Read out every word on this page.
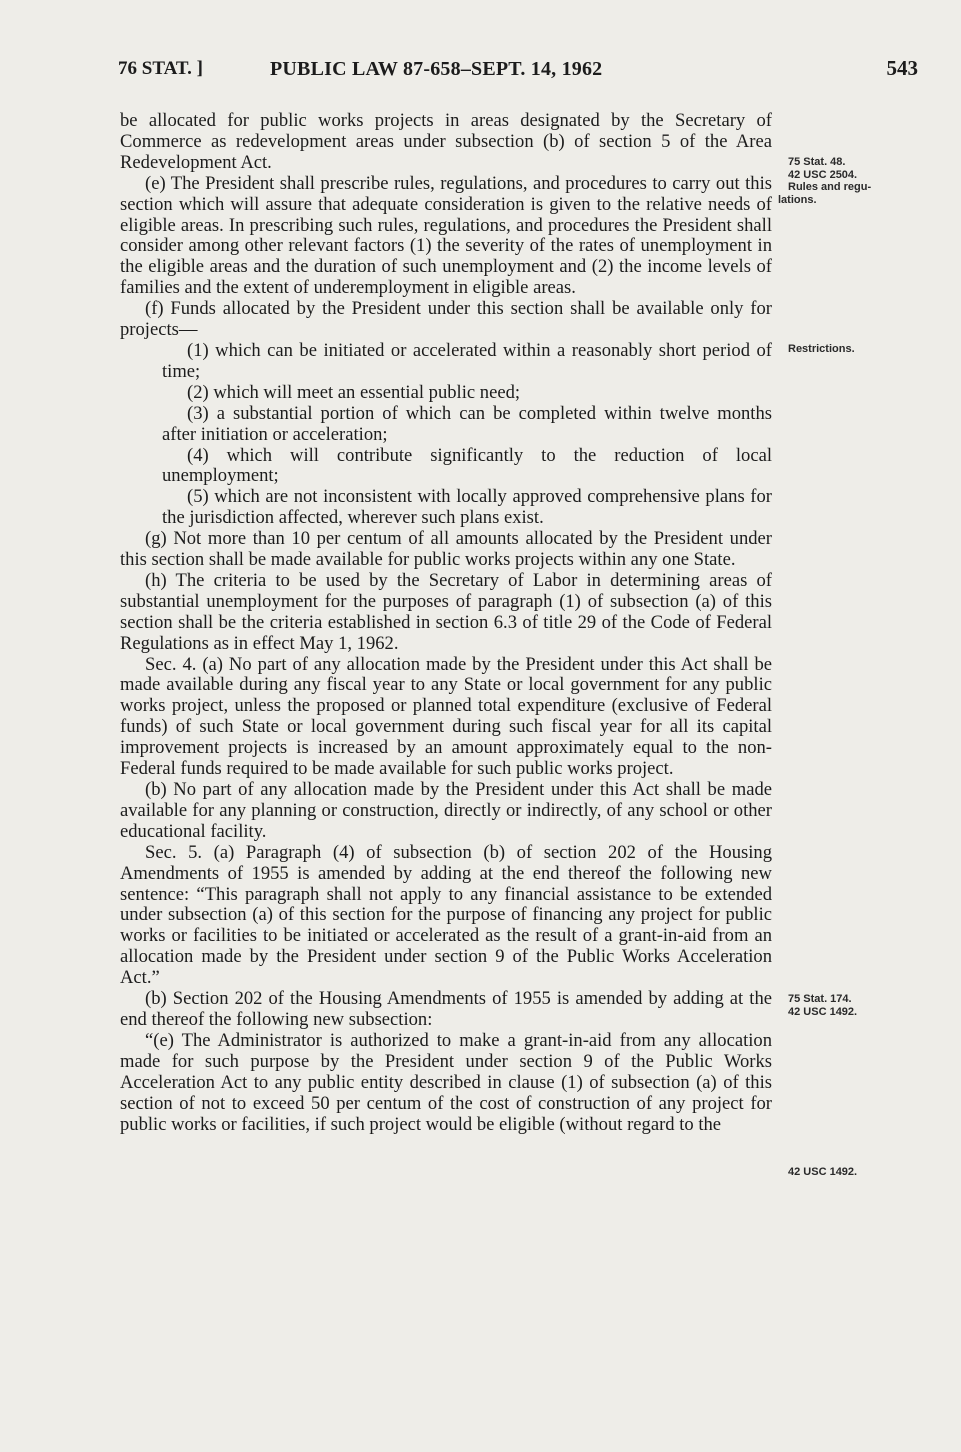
76 STAT. ]	PUBLIC LAW 87-658–SEPT. 14, 1962	543

be allocated for public works projects in areas designated by the Secretary of Commerce as redevelopment areas under subsection (b) of section 5 of the Area Redevelopment Act.

(e) The President shall prescribe rules, regulations, and procedures to carry out this section which will assure that adequate consideration is given to the relative needs of eligible areas. In prescribing such rules, regulations, and procedures the President shall consider among other relevant factors (1) the severity of the rates of unemployment in the eligible areas and the duration of such unemployment and (2) the income levels of families and the extent of underemployment in eligible areas.

(f) Funds allocated by the President under this section shall be available only for projects—

(1) which can be initiated or accelerated within a reasonably short period of time;

(2) which will meet an essential public need;

(3) a substantial portion of which can be completed within twelve months after initiation or acceleration;

(4) which will contribute significantly to the reduction of local unemployment;

(5) which are not inconsistent with locally approved comprehensive plans for the jurisdiction affected, wherever such plans exist.

(g) Not more than 10 per centum of all amounts allocated by the President under this section shall be made available for public works projects within any one State.

(h) The criteria to be used by the Secretary of Labor in determining areas of substantial unemployment for the purposes of paragraph (1) of subsection (a) of this section shall be the criteria established in section 6.3 of title 29 of the Code of Federal Regulations as in effect May 1, 1962.

Sec. 4. (a) No part of any allocation made by the President under this Act shall be made available during any fiscal year to any State or local government for any public works project, unless the proposed or planned total expenditure (exclusive of Federal funds) of such State or local government during such fiscal year for all its capital improvement projects is increased by an amount approximately equal to the non-Federal funds required to be made available for such public works project.

(b) No part of any allocation made by the President under this Act shall be made available for any planning or construction, directly or indirectly, of any school or other educational facility.

Sec. 5. (a) Paragraph (4) of subsection (b) of section 202 of the Housing Amendments of 1955 is amended by adding at the end thereof the following new sentence: “This paragraph shall not apply to any financial assistance to be extended under subsection (a) of this section for the purpose of financing any project for public works or facilities to be initiated or accelerated as the result of a grant-in-aid from an allocation made by the President under section 9 of the Public Works Acceleration Act.”

(b) Section 202 of the Housing Amendments of 1955 is amended by adding at the end thereof the following new subsection:

“(e) The Administrator is authorized to make a grant-in-aid from any allocation made for such purpose by the President under section 9 of the Public Works Acceleration Act to any public entity described in clause (1) of subsection (a) of this section of not to exceed 50 per centum of the cost of construction of any project for public works or facilities, if such project would be eligible (without regard to the

75 Stat. 48.
42 USC 2504.
Rules and regu-
lations.
Restrictions.
75 Stat. 174.
42 USC 1492.
42 USC 1492.
